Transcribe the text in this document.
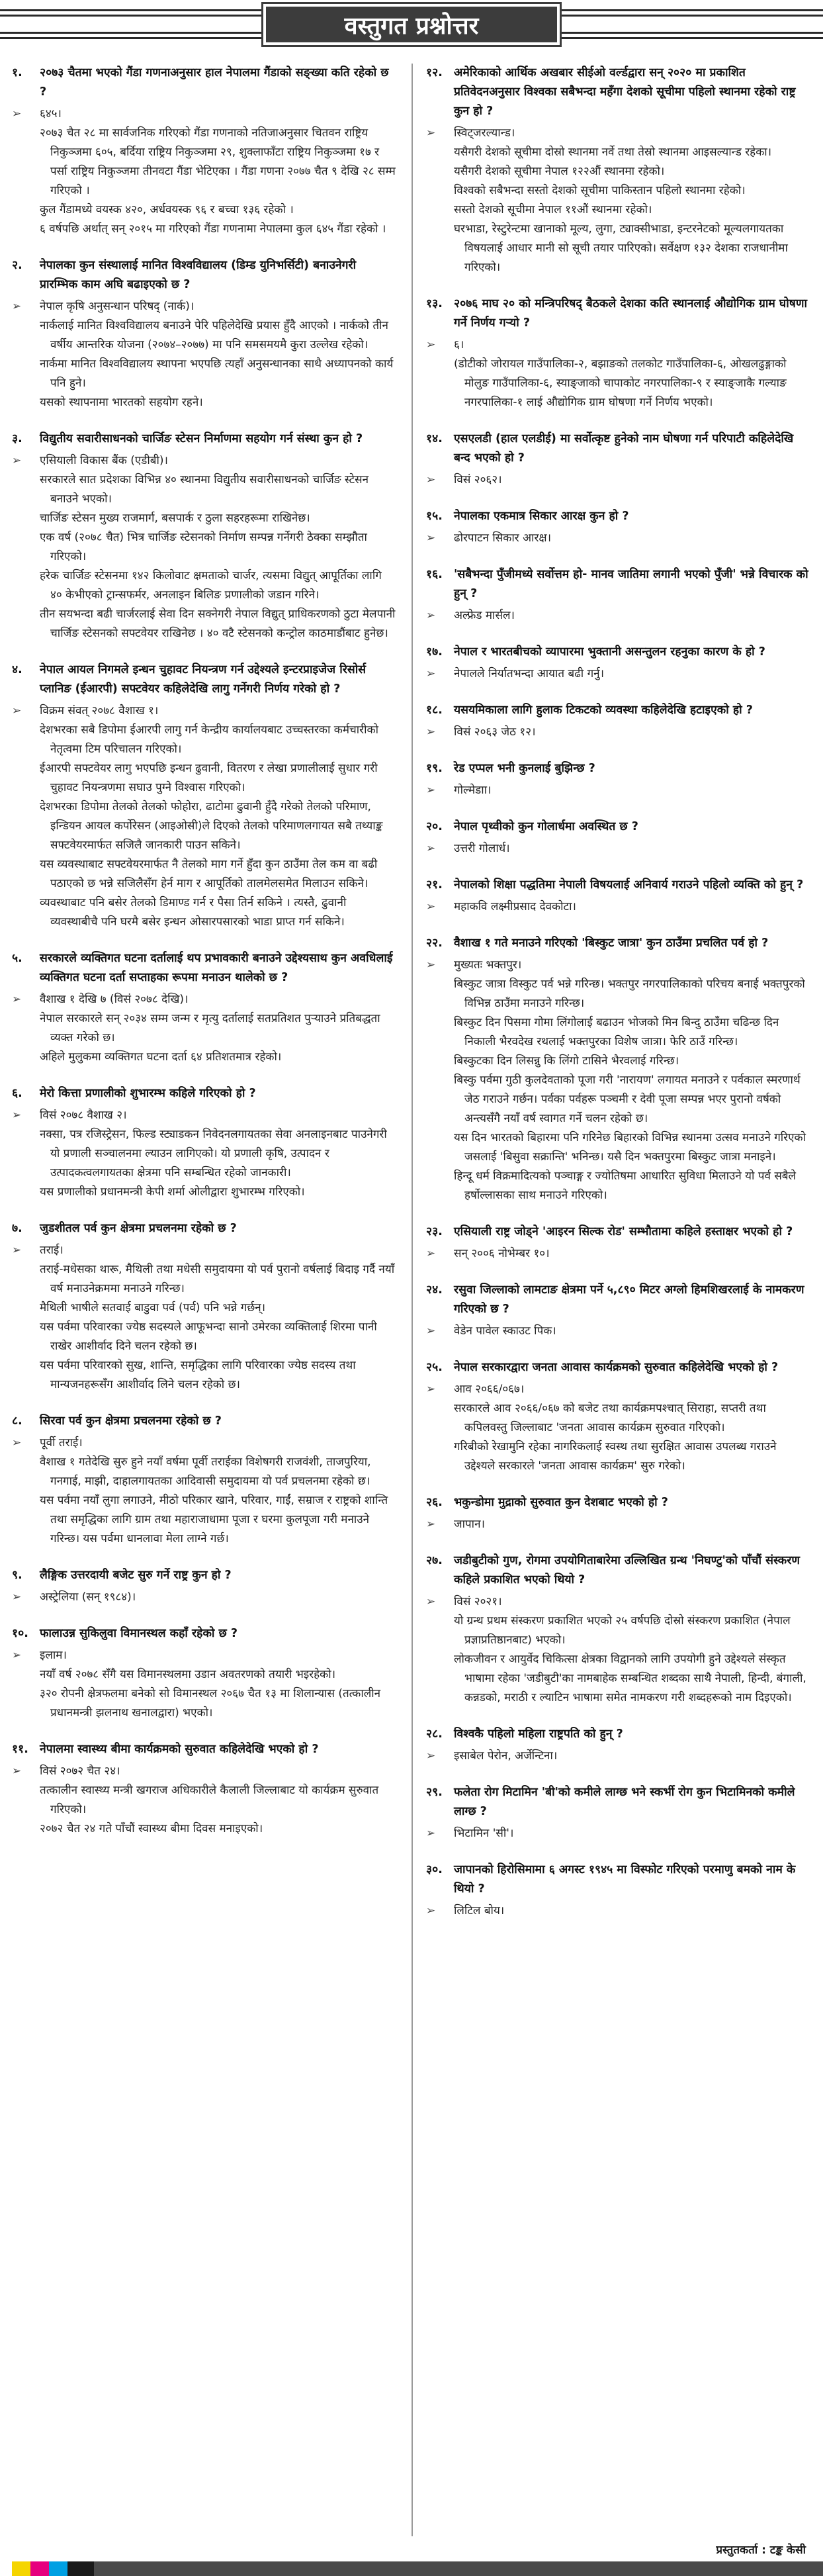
वस्तुगत प्रश्नोत्तर
१.	२०७३ चैतमा भएको गैंडा गणनाअनुसार हाल नेपालमा गैंडाको सङ्ख्या कति रहेको छ ?
➢	६४५।
२०७३ चैत २८ मा सार्वजनिक गरिएको गैंडा गणनाको नतिजाअनुसार चितवन राष्ट्रिय निकुञ्जमा ६०५, बर्दिया राष्ट्रिय निकुञ्जमा २९, शुक्लाफाँटा राष्ट्रिय निकुञ्जमा १७ र पर्सा राष्ट्रिय निकुञ्जमा तीनवटा गैंडा भेटिएका । गैंडा गणना २०७७ चैत ९ देखि २८ सम्म गरिएको ।
कुल गैंडामध्ये वयस्क ४२०, अर्धवयस्क ९६ र बच्चा १३६ रहेको ।
६ वर्षपछि अर्थात् सन् २०१५ मा गरिएको गैंडा गणनामा नेपालमा कुल ६४५ गैंडा रहेको ।
२.	नेपालका कुन संस्थालाई मानित विश्वविद्यालय (डिम्ड युनिभर्सिटी) बनाउनेगरी प्रारम्भिक काम अघि बढाइएको छ ?
➢	नेपाल कृषि अनुसन्धान परिषद् (नार्क)।
नार्कलाई मानित विश्वविद्यालय बनाउने पेरि पहिलेदेखि प्रयास हुँदै आएको । नार्कको तीन वर्षीय आन्तरिक योजना (२०७४–२०७७) मा पनि समसमयमै कुरा उल्लेख रहेको।
नार्कमा मानित विश्वविद्यालय स्थापना भएपछि त्यहाँ अनुसन्धानका साथै अध्यापनको कार्य पनि हुने।
यसको स्थापनामा भारतको सहयोग रहने।
३.	विद्युतीय सवारीसाधनको चार्जिङ स्टेसन निर्माणमा सहयोग गर्न संस्था कुन हो ?
➢	एसियाली विकास बैंक (एडीबी)।
सरकारले सात प्रदेशका विभिन्न ४० स्थानमा विद्युतीय सवारीसाधनको चार्जिङ स्टेसन बनाउने भएको।
चार्जिङ स्टेसन मुख्य राजमार्ग, बसपार्क र ठुला सहरहरूमा राखिनेछ।
एक वर्ष (२०७८ चैत) भित्र चार्जिङ स्टेसनको निर्माण सम्पन्न गर्नेगरी ठेक्का सम्झौता गरिएको।
हरेक चार्जिङ स्टेसनमा १४२ किलोवाट क्षमताको चार्जर, त्यसमा विद्युत् आपूर्तिका लागि ४० केभीएको ट्रान्सफर्मर, अनलाइन बिलिङ प्रणालीको जडान गरिने।
तीन सयभन्दा बढी चार्जरलाई सेवा दिन सक्नेगरी नेपाल विद्युत् प्राधिकरणको ठुटा मेलपानी चार्जिङ स्टेसनको सफ्टवेयर राखिनेछ । ४० वटै स्टेसनको कन्ट्रोल काठमाडौंबाट हुनेछ।
४.	नेपाल आयल निगमले इन्धन चुहावट नियन्त्रण गर्न उद्देश्यले इन्टरप्राइजेज रिसोर्स प्लानिङ (ईआरपी) सफ्टवेयर कहिलेदेखि लागु गर्नेगरी निर्णय गरेको हो ?
➢	विक्रम संवत् २०७८ वैशाख १।
देशभरका सबै डिपोमा ईआरपी लागु गर्न केन्द्रीय कार्यालयबाट उच्चस्तरका कर्मचारीको नेतृत्वमा टिम परिचालन गरिएको।
ईआरपी सफ्टवेयर लागु भएपछि इन्धन ढुवानी, वितरण र लेखा प्रणालीलाई सुधार गरी चुहावट नियन्त्रणमा सघाउ पुग्ने विश्वास गरिएको।
देशभरका डिपोमा तेलको तेलको फोहोरा, ढाटोमा ढुवानी हुँदै गरेको तेलको परिमाण, इन्डियन आयल कर्पोरेसन (आइओसी)ले दिएको तेलको परिमाणलगायत सबै तथ्याङ्क सफ्टवेयरमार्फत सजिलै जानकारी पाउन सकिने।
यस व्यवस्थाबाट सफ्टवेयरमार्फत नै तेलको माग गर्ने हुँदा कुन ठाउँमा तेल कम वा बढी पठाएको छ भन्ने सजिलैसँग हेर्न माग र आपूर्तिको तालमेलसमेत मिलाउन सकिने।
व्यवस्थाबाट पनि बसेर तेलको डिमाण्ड गर्न र पैसा तिर्न सकिने । त्यस्तै, ढुवानी व्यवस्थाबीचै पनि घरमै बसेर इन्धन ओसारपसारको भाडा प्राप्त गर्न सकिने।
५.	सरकारले व्यक्तिगत घटना दर्तालाई थप प्रभावकारी बनाउने उद्देश्यसाथ कुन अवधिलाई व्यक्तिगत घटना दर्ता सप्ताहका रूपमा मनाउन थालेको छ ?
➢	वैशाख १ देखि ७ (विसं २०७८ देखि)।
नेपाल सरकारले सन् २०३४ सम्म जन्म र मृत्यु दर्तालाई सतप्रतिशत पुऱ्याउने प्रतिबद्धता व्यक्त गरेको छ।
अहिले मुलुकमा व्यक्तिगत घटना दर्ता ६४ प्रतिशतमात्र रहेको।
६.	मेरो कित्ता प्रणालीको शुभारम्भ कहिले गरिएको हो ?
➢	विसं २०७८ वैशाख २।
नक्सा, पत्र रजिस्ट्रेसन, फिल्ड स्ट्याडकन निवेदनलगायतका सेवा अनलाइनबाट पाउनेगरी यो प्रणाली सञ्चालनमा ल्याउन लागिएको। यो प्रणाली कृषि, उत्पादन र उत्पादकत्वलगायतका क्षेत्रमा पनि सम्बन्धित रहेको जानकारी।
यस प्रणालीको प्रधानमन्त्री केपी शर्मा ओलीद्वारा शुभारम्भ गरिएको।
७.	जुडशीतल पर्व कुन क्षेत्रमा प्रचलनमा रहेको छ ?
➢	तराई।
तराई-मधेसका थारू, मैथिली तथा मधेसी समुदायमा यो पर्व पुरानो वर्षलाई बिदाइ गर्दै नयाँ वर्ष मनाउनेक्रममा मनाउने गरिन्छ।
मैथिली भाषीले सतवाई बाडुवा पर्व (पर्व) पनि भन्ने गर्छन्।
यस पर्वमा परिवारका ज्येष्ठ सदस्यले आफूभन्दा सानो उमेरका व्यक्तिलाई शिरमा पानी राखेर आशीर्वाद दिने चलन रहेको छ।
यस पर्वमा परिवारको सुख, शान्ति, समृद्धिका लागि परिवारका ज्येष्ठ सदस्य तथा मान्यजनहरूसँग आशीर्वाद लिने चलन रहेको छ।
८.	सिरवा पर्व कुन क्षेत्रमा प्रचलनमा रहेको छ ?
➢	पूर्वी तराई।
वैशाख १ गतेदेखि सुरु हुने नयाँ वर्षमा पूर्वी तराईका विशेषगरी राजवंशी, ताजपुरिया, गनगाई, माझी, दाहालगायतका आदिवासी समुदायमा यो पर्व प्रचलनमा रहेको छ।
यस पर्वमा नयाँ लुगा लगाउने, मीठो परिकार खाने, परिवार, गाईं, सम्राज र राष्ट्रको शान्ति तथा समृद्धिका लागि ग्राम तथा महाराजाधामा पूजा र घरमा कुलपूजा गरी मनाउने गरिन्छ। यस पर्वमा धानलावा मेला लाग्ने गर्छ।
९.	लैङ्गिक उत्तरदायी बजेट सुरु गर्ने राष्ट्र कुन हो ?
➢	अस्ट्रेलिया (सन् १९८४)।
१०. फालाउन्न सुकिलुवा विमानस्थल कहाँ रहेको छ ?
➢	इलाम।
नयाँ वर्ष २०७८ सँगै यस विमानस्थलमा उडान अवतरणको तयारी भइरहेको।
३२० रोपनी क्षेत्रफलमा बनेको सो विमानस्थल २०६७ चैत १३ मा शिलान्यास (तत्कालीन प्रधानमन्त्री झलनाथ खनालद्वारा) भएको।
११. नेपालमा स्वास्थ्य बीमा कार्यक्रमको सुरुवात कहिलेदेखि भएको हो ?
➢	विसं २०७२ चैत २४।
तत्कालीन स्वास्थ्य मन्त्री खगराज अधिकारीले कैलाली जिल्लाबाट यो कार्यक्रम सुरुवात गरिएको।
२०७२ चैत २४ गते पाँचौं स्वास्थ्य बीमा दिवस मनाइएको।
१२. अमेरिकाको आर्थिक अखबार सीईओ वर्ल्डद्वारा सन् २०२० मा प्रकाशित प्रतिवेदनअनुसार विश्वका सबैभन्दा महँगा देशको सूचीमा पहिलो स्थानमा रहेको राष्ट्र कुन हो ?
➢	स्विट्जरल्यान्ड।
यसैगरी देशको सूचीमा दोस्रो स्थानमा नर्वे तथा तेस्रो स्थानमा आइसल्यान्ड रहेका।
यसैगरी देशको सूचीमा नेपाल १२२औं स्थानमा रहेको।
विश्वको सबैभन्दा सस्तो देशको सूचीमा पाकिस्तान पहिलो स्थानमा रहेको।
सस्तो देशको सूचीमा नेपाल ११औं स्थानमा रहेको।
घरभाडा, रेस्टुरेन्टमा खानाको मूल्य, लुगा, ट्याक्सीभाडा, इन्टरनेटको मूल्यलगायतका विषयलाई आधार मानी सो सूची तयार पारिएको। सर्वेक्षण १३२ देशका राजधानीमा गरिएको।
१३. २०७६ माघ २० को मन्त्रिपरिषद् बैठकले देशका कति स्थानलाई औद्योगिक ग्राम घोषणा गर्ने निर्णय गऱ्यो ?
➢	६।
(डोटीको जोरायल गाउँपालिका-२, बझाङको तलकोट गाउँपालिका-६, ओखलढुङ्गाको मोलुङ गाउँपालिका-६, स्याङ्जाको चापाकोट नगरपालिका-९ र स्याङ्जाकै गल्याङ नगरपालिका-१ लाई औद्योगिक ग्राम घोषणा गर्ने निर्णय भएको।
१४. एसएलडी (हाल एलडीई) मा सर्वोत्कृष्ट हुनेको नाम घोषणा गर्न परिपाटी कहिलेदेखि बन्द भएको हो ?
➢	विसं २०६२।
१५. नेपालका एकमात्र सिकार आरक्ष कुन हो ?
➢	ढोरपाटन सिकार आरक्ष।
१६. 'सबैभन्दा पुँजीमध्ये सर्वोत्तम हो- मानव जातिमा लगानी भएको पुँजी' भन्ने विचारक को हुन् ?
➢	अल्फ्रेड मार्सल।
१७. नेपाल र भारतबीचको व्यापारमा भुक्तानी असन्तुलन रहनुका कारण के हो ?
➢	नेपालले निर्यातभन्दा आयात बढी गर्नु।
१८. यसयमिकाला लागि हुलाक टिकटको व्यवस्था कहिलेदेखि हटाइएको हो ?
➢	विसं २०६३ जेठ १२।
१९. रेड एप्पल भनी कुनलाई बुझिन्छ ?
➢	गोल्मेडाा।
२०. नेपाल पृथ्वीको कुन गोलार्धमा अवस्थित छ ?
➢	उत्तरी गोलार्ध।
२१. नेपालको शिक्षा पद्धतिमा नेपाली विषयलाई अनिवार्य गराउने पहिलो व्यक्ति को हुन् ?
➢	महाकवि लक्ष्मीप्रसाद देवकोटा।
२२. वैशाख १ गते मनाउने गरिएको 'बिस्कुट जात्रा' कुन ठाउँमा प्रचलित पर्व हो ?
➢	मुख्यतः भक्तपुर।
बिस्कुट जात्रा विस्कुट पर्व भन्ने गरिन्छ। भक्तपुर नगरपालिकाको परिचय बनाई भक्तपुरको विभिन्न ठाउँमा मनाउने गरिन्छ।
बिस्कुट दिन पिसमा गोमा लिंगोलाई बढाउन भोजको मिन बिन्दु ठाउँमा चढिन्छ दिन निकाली भैरवदेख रथलाई भक्तपुरका विशेष जात्रा। फेरि ठाउँ गरिन्छ।
बिस्कुटका दिन लिसन्नु कि लिंगो टासिने भैरवलाई गरिन्छ।
बिस्कु पर्वमा गुठी कुलदेवताको पूजा गरी 'नारायण' लगायत मनाउने र पर्वकाल स्मरणार्थ जेठ गराउने गर्छन। पर्वका पर्वहरू पञ्चमी र देवी पूजा सम्पन्न भएर पुरानो वर्षको अन्त्यसँगै नयाँ वर्ष स्वागत गर्ने चलन रहेको छ।
यस दिन भारतको बिहारमा पनि गरिनेछ बिहारको विभिन्न स्थानमा उत्सव मनाउने गरिएको जसलाई 'बिसुवा सक्रान्ति' भनिन्छ। यसै दिन भक्तपुरमा बिस्कुट जात्रा मनाइने।
हिन्दू धर्म विक्रमादित्यको पञ्चाङ्ग र ज्योतिषमा आधारित सुविधा मिलाउने यो पर्व सबैले हर्षोल्लासका साथ मनाउने गरिएको।
२३. एसियाली राष्ट्र जोड्ने 'आइरन सिल्क रोड' सम्भौतामा कहिले हस्ताक्षर भएको हो ?
➢	सन् २००६ नोभेम्बर १०।
२४. रसुवा जिल्लाको लामटाङ क्षेत्रमा पर्ने ५,८९० मिटर अग्लो हिमशिखरलाई के नामकरण गरिएको छ ?
➢	वेडेन पावेल स्काउट पिक।
२५. नेपाल सरकारद्वारा जनता आवास कार्यक्रमको सुरुवात कहिलेदेखि भएको हो ?
➢	आव २०६६/०६७।
सरकारले आव २०६६/०६७ को बजेट तथा कार्यक्रमपश्चात् सिराहा, सप्तरी तथा कपिलवस्तु जिल्लाबाट 'जनता आवास कार्यक्रम सुरुवात गरिएको।
गरिबीको रेखामुनि रहेका नागरिकलाई स्वस्थ तथा सुरक्षित आवास उपलब्ध गराउने उद्देश्यले सरकारले 'जनता आवास कार्यक्रम' सुरु गरेको।
२६. भकुन्डोमा मुद्राको सुरुवात कुन देशबाट भएको हो ?
➢	जापान।
२७. जडीबुटीको गुण, रोगमा उपयोगिताबारेमा उल्लिखित ग्रन्थ 'निघण्टु'को पाँचौं संस्करण कहिले प्रकाशित भएको थियो ?
➢	विसं २०२१।
यो ग्रन्थ प्रथम संस्करण प्रकाशित भएको २५ वर्षपछि दोस्रो संस्करण प्रकाशित (नेपाल प्रज्ञाप्रतिष्ठानबाट) भएको।
लोकजीवन र आयुर्वेद चिकित्सा क्षेत्रका विद्वानको लागि उपयोगी हुने उद्देश्यले संस्कृत भाषामा रहेका 'जडीबुटी'का नामबाहेक सम्बन्धित शब्दका साथै नेपाली, हिन्दी, बंगाली, कन्नडको, मराठी र ल्याटिन भाषामा समेत नामकरण गरी शब्दहरूको नाम दिइएको।
२८. विश्वकै पहिलो महिला राष्ट्रपति को हुन् ?
➢	इसाबेल पेरोन, अर्जेन्टिना।
२९. फलेता रोग मिटामिन 'बी'को कमीले लाग्छ भने स्कर्भी रोग कुन भिटामिनको कमीले लाग्छ ?
➢	भिटामिन 'सी'।
३०. जापानको हिरोसिमामा ६ अगस्ट १९४५ मा विस्फोट गरिएको परमाणु बमको नाम के थियो ?
➢	लिटिल बोय।
प्रस्तुतकर्ता : टङ्क केसी
